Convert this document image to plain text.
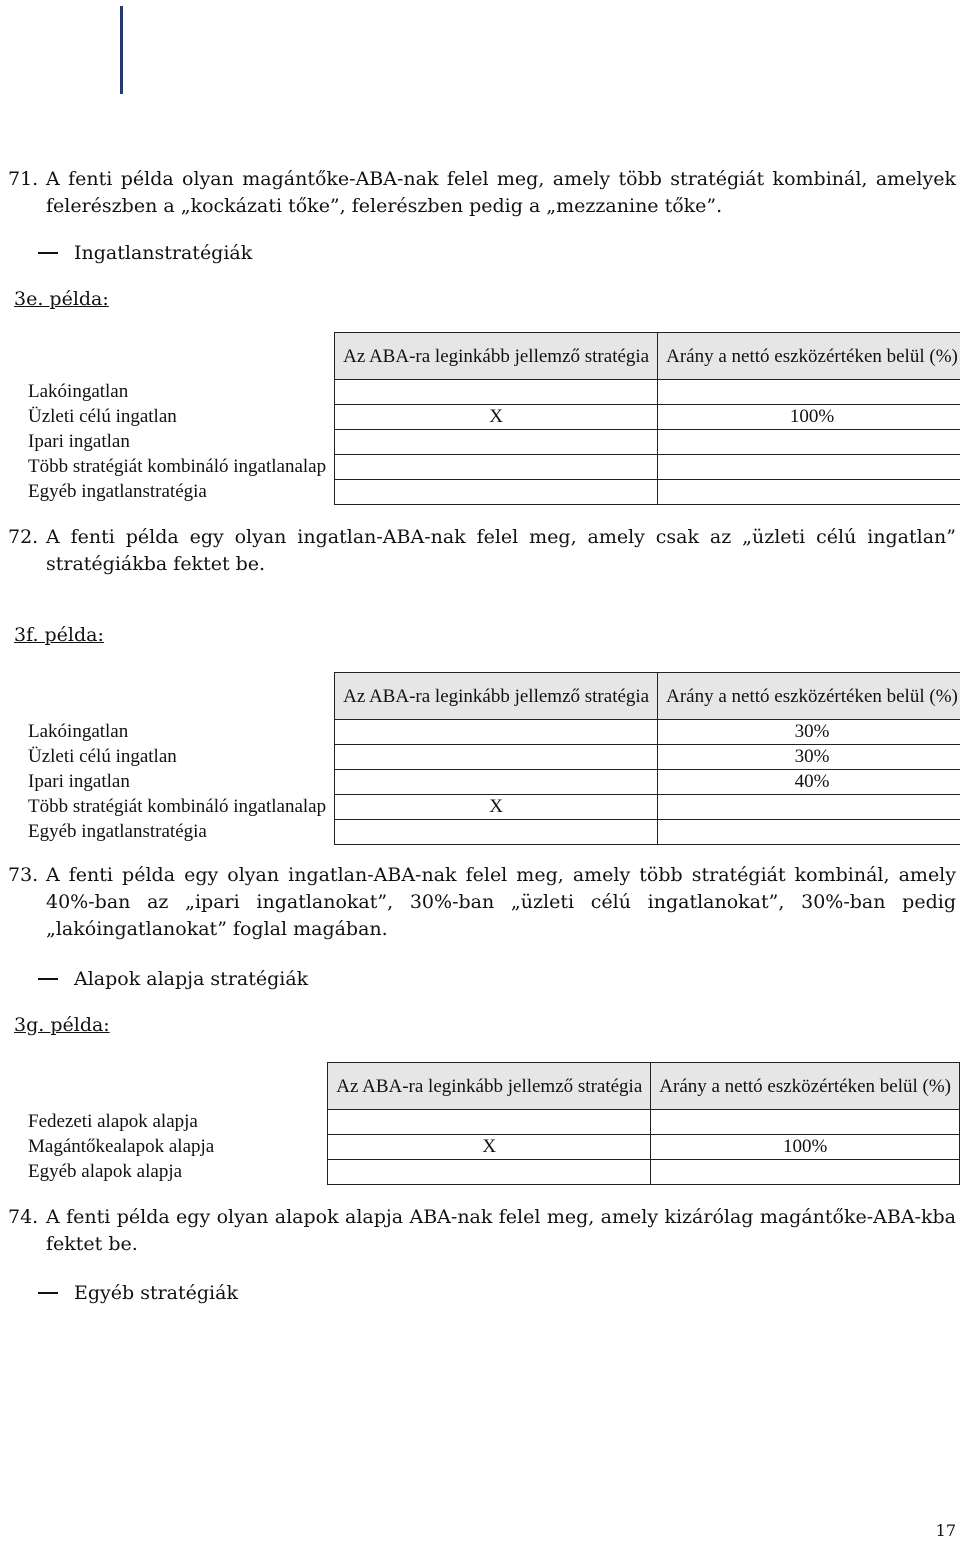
71. A fenti példa olyan magántőke-ABA-nak felel meg, amely több stratégiát kombinál, amelyek felerészben a „kockázati tőke”, felerészben pedig a „mezzanine tőke”.
Ingatlanstratégiák
3e. példa:
	Az ABA-ra leginkább jellemző stratégia	Arány a nettó eszközértéken belül (%)
Lakóingatlan		
Üzleti célú ingatlan	X	100%
Ipari ingatlan		
Több stratégiát kombináló ingatlanalap		
Egyéb ingatlanstratégia		
72. A fenti példa egy olyan ingatlan-ABA-nak felel meg, amely csak az „üzleti célú ingatlan” stratégiákba fektet be.
3f. példa:
	Az ABA-ra leginkább jellemző stratégia	Arány a nettó eszközértéken belül (%)
Lakóingatlan		30%
Üzleti célú ingatlan		30%
Ipari ingatlan		40%
Több stratégiát kombináló ingatlanalap	X	
Egyéb ingatlanstratégia		
73. A fenti példa egy olyan ingatlan-ABA-nak felel meg, amely több stratégiát kombinál, amely 40%-ban az „ipari ingatlanokat”, 30%-ban „üzleti célú ingatlanokat”, 30%-ban pedig „lakóingatlanokat” foglal magában.
Alapok alapja stratégiák
3g. példa:
	Az ABA-ra leginkább jellemző stratégia	Arány a nettó eszközértéken belül (%)
Fedezeti alapok alapja		
Magántőkealapok alapja	X	100%
Egyéb alapok alapja		
74. A fenti példa egy olyan alapok alapja ABA-nak felel meg, amely kizárólag magántőke-ABA-kba fektet be.
Egyéb stratégiák
17
